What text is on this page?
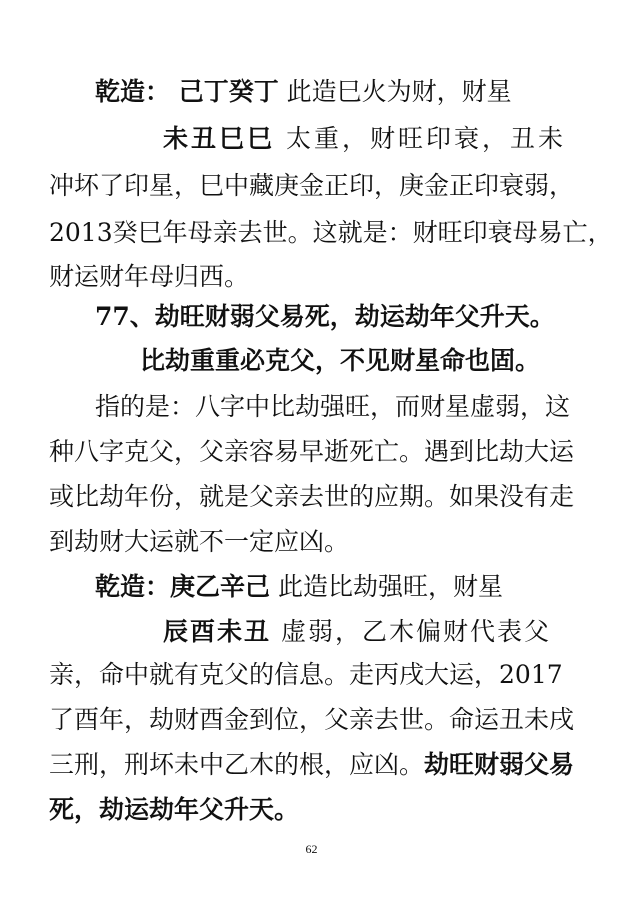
乾造： 己丁癸丁 此造巳火为财，财星
未丑巳巳 太重，财旺印衰，丑未
冲坏了印星，巳中藏庚金正印，庚金正印衰弱，
2013癸巳年母亲去世。这就是：财旺印衰母易亡，
财运财年母归西。
77、劫旺财弱父易死，劫运劫年父升天。
比劫重重必克父，不见财星命也固。
指的是：八字中比劫强旺，而财星虚弱，这
种八字克父，父亲容易早逝死亡。遇到比劫大运
或比劫年份，就是父亲去世的应期。如果没有走
到劫财大运就不一定应凶。
乾造：庚乙辛己 此造比劫强旺，财星
辰酉未丑 虚弱，乙木偏财代表父
亲，命中就有克父的信息。走丙戌大运，2017
了酉年，劫财酉金到位，父亲去世。命运丑未戌
三刑，刑坏未中乙木的根，应凶。劫旺财弱父易
死，劫运劫年父升天。
62
